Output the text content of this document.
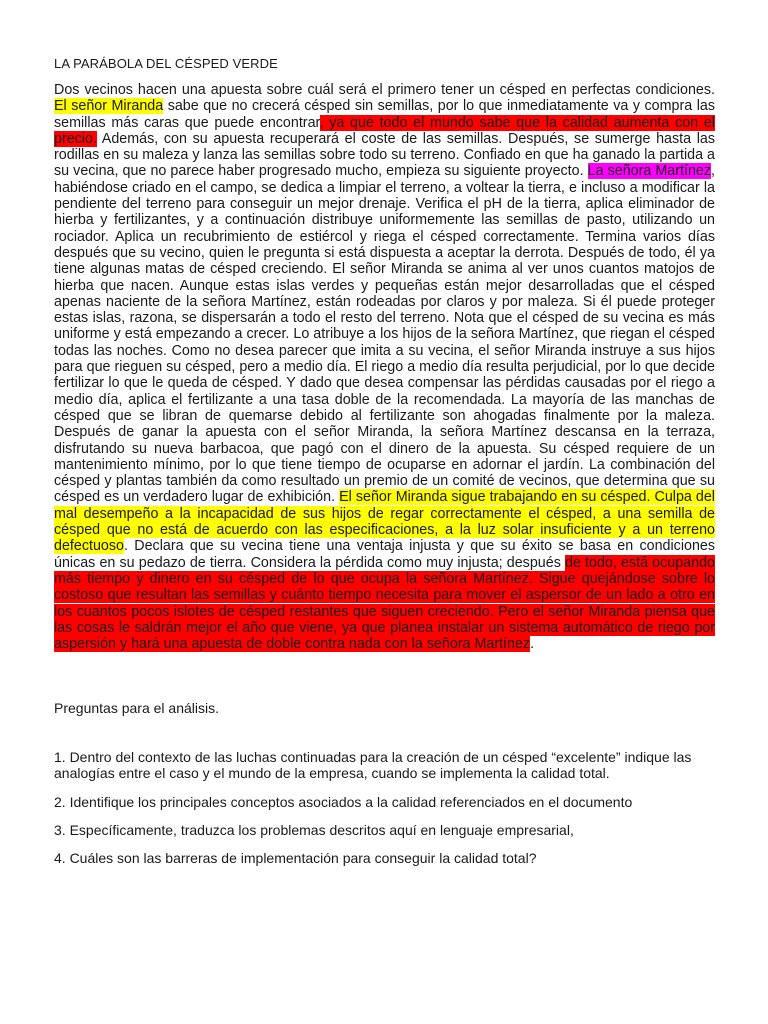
LA PARÁBOLA DEL CÉSPED VERDE

Dos vecinos hacen una apuesta sobre cuál será el primero tener un césped en perfectas condiciones. El señor Miranda sabe que no crecerá césped sin semillas, por lo que inmediatamente va y compra las semillas más caras que puede encontrar, ya que todo el mundo sabe que la calidad aumenta con el precio. Además, con su apuesta recuperará el coste de las semillas. Después, se sumerge hasta las rodillas en su maleza y lanza las semillas sobre todo su terreno. Confiado en que ha ganado la partida a su vecina, que no parece haber progresado mucho, empieza su siguiente proyecto. La señora Martínez, habiéndose criado en el campo, se dedica a limpiar el terreno, a voltear la tierra, e incluso a modificar la pendiente del terreno para conseguir un mejor drenaje. Verifica el pH de la tierra, aplica eliminador de hierba y fertilizantes, y a continuación distribuye uniformemente las semillas de pasto, utilizando un rociador. Aplica un recubrimiento de estiércol y riega el césped correctamente. Termina varios días después que su vecino, quien le pregunta si está dispuesta a aceptar la derrota. Después de todo, él ya tiene algunas matas de césped creciendo. El señor Miranda se anima al ver unos cuantos matojos de hierba que nacen. Aunque estas islas verdes y pequeñas están mejor desarrolladas que el césped apenas naciente de la señora Martínez, están rodeadas por claros y por maleza. Si él puede proteger estas islas, razona, se dispersarán a todo el resto del terreno. Nota que el césped de su vecina es más uniforme y está empezando a crecer. Lo atribuye a los hijos de la señora Martínez, que riegan el césped todas las noches. Como no desea parecer que imita a su vecina, el señor Miranda instruye a sus hijos para que rieguen su césped, pero a medio día. El riego a medio día resulta perjudicial, por lo que decide fertilizar lo que le queda de césped. Y dado que desea compensar las pérdidas causadas por el riego a medio día, aplica el fertilizante a una tasa doble de la recomendada. La mayoría de las manchas de césped que se libran de quemarse debido al fertilizante son ahogadas finalmente por la maleza. Después de ganar la apuesta con el señor Miranda, la señora Martínez descansa en la terraza, disfrutando su nueva barbacoa, que pagó con el dinero de la apuesta. Su césped requiere de un mantenimiento mínimo, por lo que tiene tiempo de ocuparse en adornar el jardín. La combinación del césped y plantas también da como resultado un premio de un comité de vecinos, que determina que su césped es un verdadero lugar de exhibición. El señor Miranda sigue trabajando en su césped. Culpa del mal desempeño a la incapacidad de sus hijos de regar correctamente el césped, a una semilla de césped que no está de acuerdo con las especificaciones, a la luz solar insuficiente y a un terreno defectuoso. Declara que su vecina tiene una ventaja injusta y que su éxito se basa en condiciones únicas en su pedazo de tierra. Considera la pérdida como muy injusta; después de todo, está ocupando más tiempo y dinero en su césped de lo que ocupa la señora Martínez. Sigue quejándose sobre lo costoso que resultan las semillas y cuánto tiempo necesita para mover el aspersor de un lado a otro en los cuantos pocos islotes de césped restantes que siguen creciendo. Pero el señor Miranda piensa que las cosas le saldrán mejor el año que viene, ya que planea instalar un sistema automático de riego por aspersión y hará una apuesta de doble contra nada con la señora Martínez.

Preguntas para el análisis.

1. Dentro del contexto de las luchas continuadas para la creación de un césped “excelente” indique las analogías entre el caso y el mundo de la empresa, cuando se implementa la calidad total.

2. Identifique los principales conceptos asociados a la calidad referenciados en el documento

3. Específicamente, traduzca los problemas descritos aquí en lenguaje empresarial,

4. Cuáles son las barreras de implementación para conseguir la calidad total?
